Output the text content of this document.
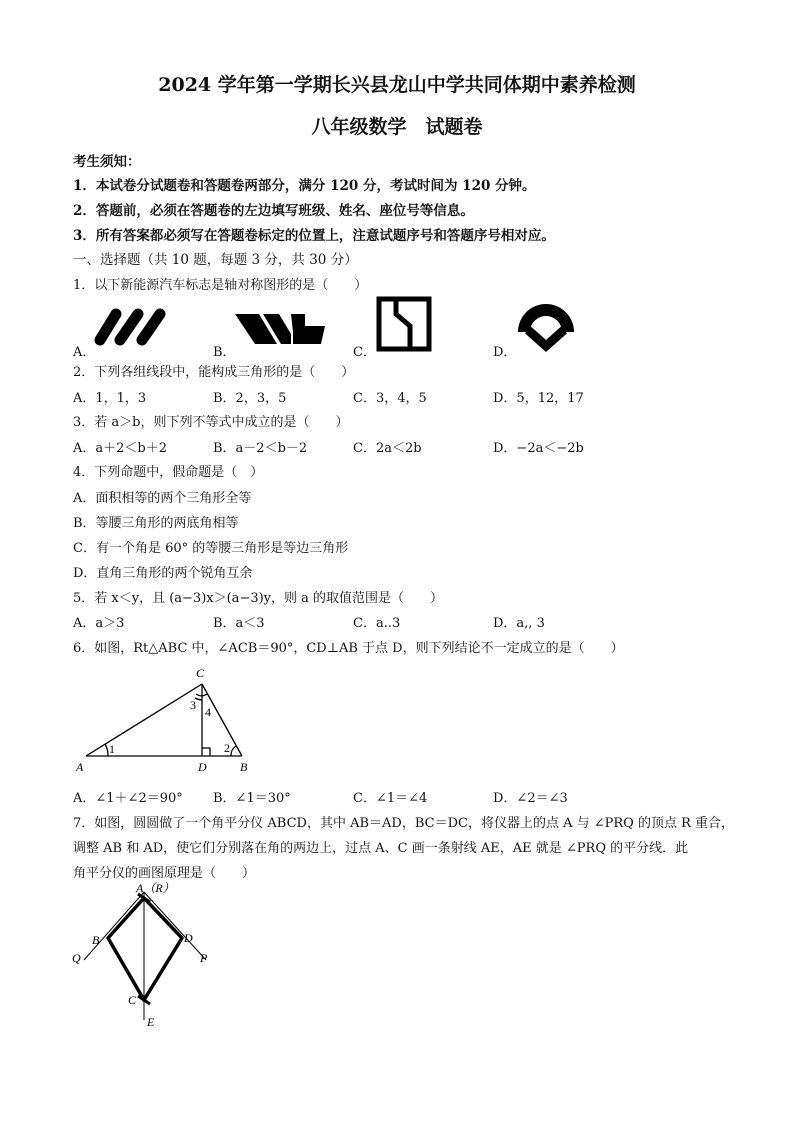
2024 学年第一学期长兴县龙山中学共同体期中素养检测
八年级数学　试题卷
考生须知：
1．本试卷分试题卷和答题卷两部分，满分 120 分，考试时间为 120 分钟。
2．答题前，必须在答题卷的左边填写班级、姓名、座位号等信息。
3．所有答案都必须写在答题卷标定的位置上，注意试题序号和答题序号相对应。
一、选择题（共 10 题，每题 3 分，共 30 分）
1．以下新能源汽车标志是轴对称图形的是（　　）
A．	B．	C．	D．
2．下列各组线段中，能构成三角形的是（　　）
A．1，1，3	B．2，3，5	C．3，4，5	D．5，12，17
3．若 a＞b，则下列不等式中成立的是（　　）
A．a＋2＜b＋2	B．a－2＜b－2	C．2a＜2b	D．−2a＜−2b
4．下列命题中，假命题是（　）
A．面积相等的两个三角形全等
B．等腰三角形的两底角相等
C．有一个角是 60° 的等腰三角形是等边三角形
D．直角三角形的两个锐角互余
5．若 x＜y，且 (a−3)x＞(a−3)y，则 a 的取值范围是（　　）
A．a＞3	B．a＜3	C．a..3	D．a,, 3
6．如图，Rt△ABC 中，∠ACB＝90°，CD⊥AB 于点 D，则下列结论不一定成立的是（　　）
A	D	B
C
1	2
3 4
A．∠1＋∠2＝90° B．∠1＝30°	C．∠1＝∠4	D．∠2＝∠3
7．如图，圆圆做了一个角平分仪 ABCD，其中 AB＝AD，BC＝DC，将仪器上的点 A 与 ∠PRQ 的顶点 R 重合，
调整 AB 和 AD，使它们分别落在角的两边上，过点 A、C 画一条射线 AE，AE 就是 ∠PRQ 的平分线．此
角平分仪的画图原理是（　　）
A（R）
B	D
C
E
P
Q
